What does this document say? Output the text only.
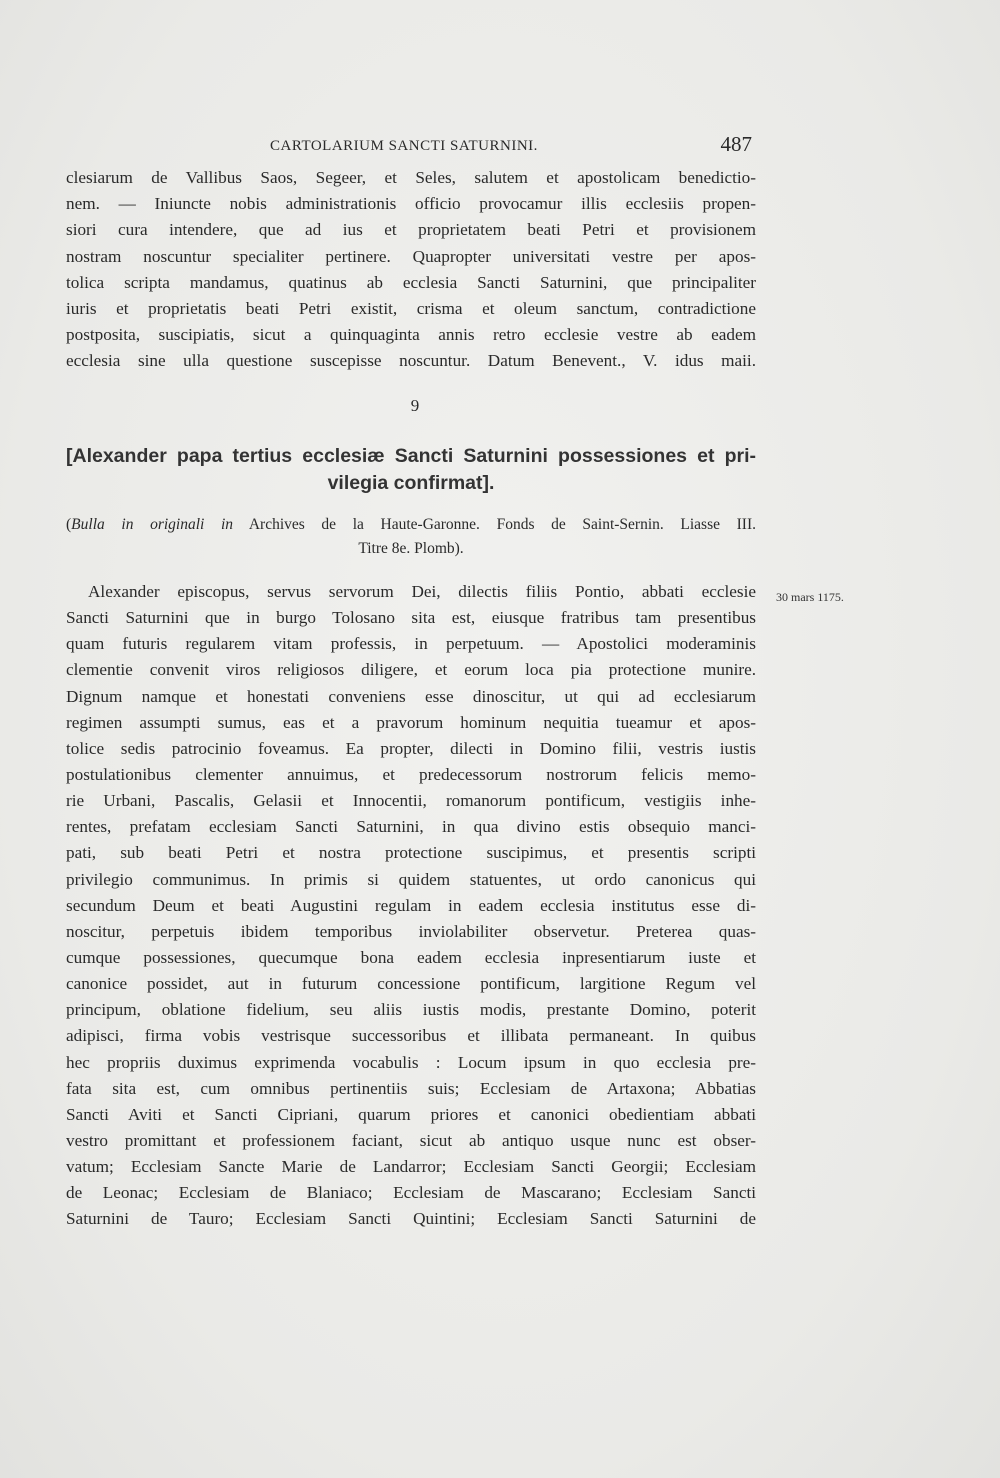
CARTOLARIUM SANCTI SATURNINI.	487
clesiarum de Vallibus Saos, Segeer, et Seles, salutem et apostolicam benedictio-
nem. — Iniuncte nobis administrationis officio provocamur illis ecclesiis propen-
siori cura intendere, que ad ius et proprietatem beati Petri et provisionem
nostram noscuntur specialiter pertinere. Quapropter universitati vestre per apos-
tolica scripta mandamus, quatinus ab ecclesia Sancti Saturnini, que principaliter
iuris et proprietatis beati Petri existit, crisma et oleum sanctum, contradictione
postposita, suscipiatis, sicut a quinquaginta annis retro ecclesie vestre ab eadem
ecclesia sine ulla questione suscepisse noscuntur. Datum Benevent., V. idus maii.
9
[Alexander papa tertius ecclesiæ Sancti Saturnini possessiones et pri-
vilegia confirmat].
(Bulla in originali in Archives de la Haute-Garonne. Fonds de Saint-Sernin. Liasse III.
Titre 8e. Plomb).
30 mars 1175.
Alexander episcopus, servus servorum Dei, dilectis filiis Pontio, abbati ecclesie
Sancti Saturnini que in burgo Tolosano sita est, eiusque fratribus tam presentibus
quam futuris regularem vitam professis, in perpetuum. — Apostolici moderaminis
clementie convenit viros religiosos diligere, et eorum loca pia protectione munire.
Dignum namque et honestati conveniens esse dinoscitur, ut qui ad ecclesiarum
regimen assumpti sumus, eas et a pravorum hominum nequitia tueamur et apos-
tolice sedis patrocinio foveamus. Ea propter, dilecti in Domino filii, vestris iustis
postulationibus clementer annuimus, et predecessorum nostrorum felicis memo-
rie Urbani, Pascalis, Gelasii et Innocentii, romanorum pontificum, vestigiis inhe-
rentes, prefatam ecclesiam Sancti Saturnini, in qua divino estis obsequio manci-
pati, sub beati Petri et nostra protectione suscipimus, et presentis scripti
privilegio communimus. In primis si quidem statuentes, ut ordo canonicus qui
secundum Deum et beati Augustini regulam in eadem ecclesia institutus esse di-
noscitur, perpetuis ibidem temporibus inviolabiliter observetur. Preterea quas-
cumque possessiones, quecumque bona eadem ecclesia inpresentiarum iuste et
canonice possidet, aut in futurum concessione pontificum, largitione Regum vel
principum, oblatione fidelium, seu aliis iustis modis, prestante Domino, poterit
adipisci, firma vobis vestrisque successoribus et illibata permaneant. In quibus
hec propriis duximus exprimenda vocabulis : Locum ipsum in quo ecclesia pre-
fata sita est, cum omnibus pertinentiis suis; Ecclesiam de Artaxona; Abbatias
Sancti Aviti et Sancti Cipriani, quarum priores et canonici obedientiam abbati
vestro promittant et professionem faciant, sicut ab antiquo usque nunc est obser-
vatum; Ecclesiam Sancte Marie de Landarror; Ecclesiam Sancti Georgii; Ecclesiam
de Leonac; Ecclesiam de Blaniaco; Ecclesiam de Mascarano; Ecclesiam Sancti
Saturnini de Tauro; Ecclesiam Sancti Quintini; Ecclesiam Sancti Saturnini de
